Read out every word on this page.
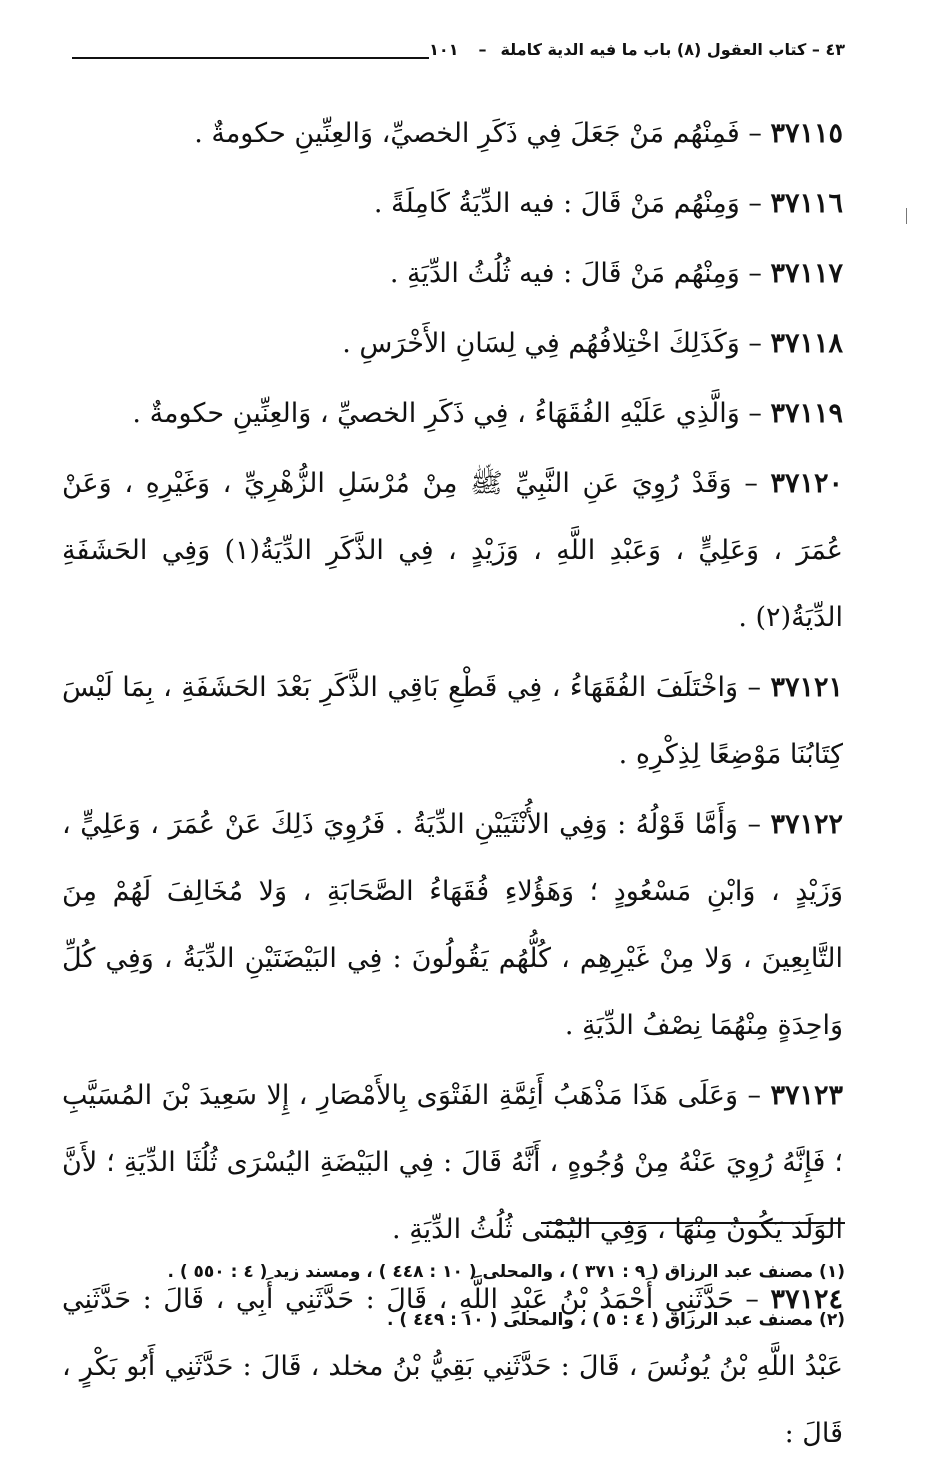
٤٣ – كتاب العقول (٨) باب ما فيه الدية كاملة
–
١٠١

٣٧١١٥ – فَمِنْهُم مَنْ جَعَلَ فِي ذَكَرِ الخصيِّ، وَالعِنِّينِ حكومةٌ .

٣٧١١٦ – وَمِنْهُم مَنْ قَالَ : فيه الدِّيَةُ كَامِلَةً .

٣٧١١٧ – وَمِنْهُم مَنْ قَالَ : فيه ثُلُثُ الدِّيَةِ .

٣٧١١٨ – وَكَذَلِكَ اخْتِلافُهُم فِي لِسَانِ الأَخْرَسِ .

٣٧١١٩ – وَالَّذِي عَلَيْهِ الفُقَهَاءُ ، فِي ذَكَرِ الخصيِّ ، وَالعِنِّينِ حكومةٌ .

٣٧١٢٠ – وَقَدْ رُوِيَ عَنِ النَّبِيِّ ﷺ مِنْ مُرْسَلِ الزُّهْرِيِّ ، وَغَيْرِهِ ، وَعَنْ عُمَرَ ، وَعَلِيٍّ ، وَعَبْدِ اللَّهِ ، وَزَيْدٍ ، فِي الذَّكَرِ الدِّيَةُ(١) وَفِي الحَشَفَةِ الدِّيَةُ(٢) .

٣٧١٢١ – وَاخْتَلَفَ الفُقَهَاءُ ، فِي قَطْعِ بَاقِي الذَّكَرِ بَعْدَ الحَشَفَةِ ، بِمَا لَيْسَ كِتَابُنَا مَوْضِعًا لِذِكْرِهِ .

٣٧١٢٢ – وَأَمَّا قَوْلُهُ : وَفِي الأُنْثَيَيْنِ الدِّيَةُ . فَرُوِيَ ذَلِكَ عَنْ عُمَرَ ، وَعَلِيٍّ ، وَزَيْدٍ ، وَابْنِ مَسْعُودٍ ؛ وَهَؤُلاءِ فُقَهَاءُ الصَّحَابَةِ ، وَلا مُخَالِفَ لَهُمْ مِنَ التَّابِعِينَ ، وَلا مِنْ غَيْرِهِم ، كُلُّهُم يَقُولُونَ : فِي البَيْضَتَيْنِ الدِّيَةُ ، وَفِي كُلِّ وَاحِدَةٍ مِنْهُمَا نِصْفُ الدِّيَةِ .

٣٧١٢٣ – وَعَلَى هَذَا مَذْهَبُ أَئِمَّةِ الفَتْوَى بِالأَمْصَارِ ، إِلا سَعِيدَ بْنَ المُسَيَّبِ ؛ فَإِنَّهُ رُوِيَ عَنْهُ مِنْ وُجُوهٍ ، أَنَّهُ قَالَ : فِي البَيْضَةِ اليُسْرَى ثُلُثَا الدِّيَةِ ؛ لأَنَّ الوَلَدَ يَكُونُ مِنْهَا ، وَفِي اليُمْنَى ثُلُثُ الدِّيَةِ .

٣٧١٢٤ – حَدَّثَنِي أَحْمَدُ بْنُ عَبْدِ اللَّهِ ، قَالَ : حَدَّثَنِي أَبِي ، قَالَ : حَدَّثَنِي عَبْدُ اللَّهِ بْنُ يُونُسَ ، قَالَ : حَدَّثَنِي بَقِيُّ بْنُ مخلد ، قَالَ : حَدَّثَنِي أَبُو بَكْرٍ ، قَالَ :

(١) مصنف عبد الرزاق ( ٩ : ٣٧١ ) ، والمحلى ( ١٠ : ٤٤٨ ) ، ومسند زيد ( ٤ : ٥٥٠ ) .

(٢) مصنف عبد الرزاق ( ٤ : ٥ ) ، والمحلى ( ١٠ : ٤٤٩ ) .
